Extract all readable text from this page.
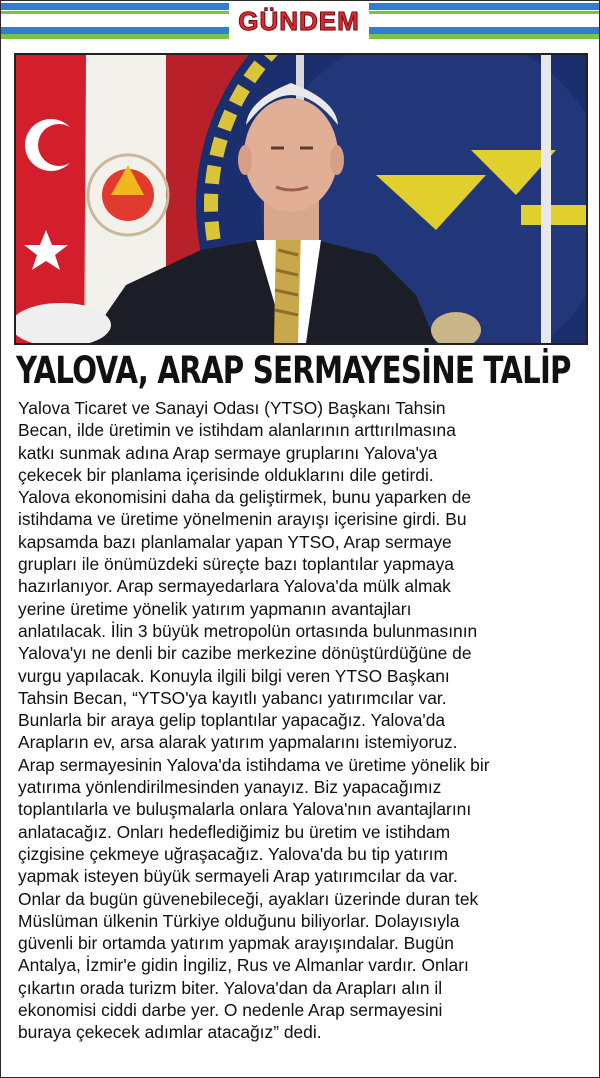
GÜNDEM
YALOVA, ARAP SERMAYESİNE TALİP
Yalova Ticaret ve Sanayi Odası (YTSO) Başkanı Tahsin
Becan, ilde üretimin ve istihdam alanlarının arttırılmasına
katkı sunmak adına Arap sermaye gruplarını Yalova'ya
çekecek bir planlama içerisinde olduklarını dile getirdi.
Yalova ekonomisini daha da geliştirmek, bunu yaparken de
istihdama ve üretime yönelmenin arayışı içerisine girdi. Bu
kapsamda bazı planlamalar yapan YTSO, Arap sermaye
grupları ile önümüzdeki süreçte bazı toplantılar yapmaya
hazırlanıyor. Arap sermayedarlara Yalova'da mülk almak
yerine üretime yönelik yatırım yapmanın avantajları
anlatılacak. İlin 3 büyük metropolün ortasında bulunmasının
Yalova'yı ne denli bir cazibe merkezine dönüştürdüğüne de
vurgu yapılacak. Konuyla ilgili bilgi veren YTSO Başkanı
Tahsin Becan, “YTSO'ya kayıtlı yabancı yatırımcılar var.
Bunlarla bir araya gelip toplantılar yapacağız. Yalova'da
Arapların ev, arsa alarak yatırım yapmalarını istemiyoruz.
Arap sermayesinin Yalova'da istihdama ve üretime yönelik bir
yatırıma yönlendirilmesinden yanayız. Biz yapacağımız
toplantılarla ve buluşmalarla onlara Yalova'nın avantajlarını
anlatacağız. Onları hedeflediğimiz bu üretim ve istihdam
çizgisine çekmeye uğraşacağız. Yalova'da bu tip yatırım
yapmak isteyen büyük sermayeli Arap yatırımcılar da var.
Onlar da bugün güvenebileceği, ayakları üzerinde duran tek
Müslüman ülkenin Türkiye olduğunu biliyorlar. Dolayısıyla
güvenli bir ortamda yatırım yapmak arayışındalar. Bugün
Antalya, İzmir'e gidin İngiliz, Rus ve Almanlar vardır. Onları
çıkartın orada turizm biter. Yalova'dan da Arapları alın il
ekonomisi ciddi darbe yer. O nedenle Arap sermayesini
buraya çekecek adımlar atacağız” dedi.
